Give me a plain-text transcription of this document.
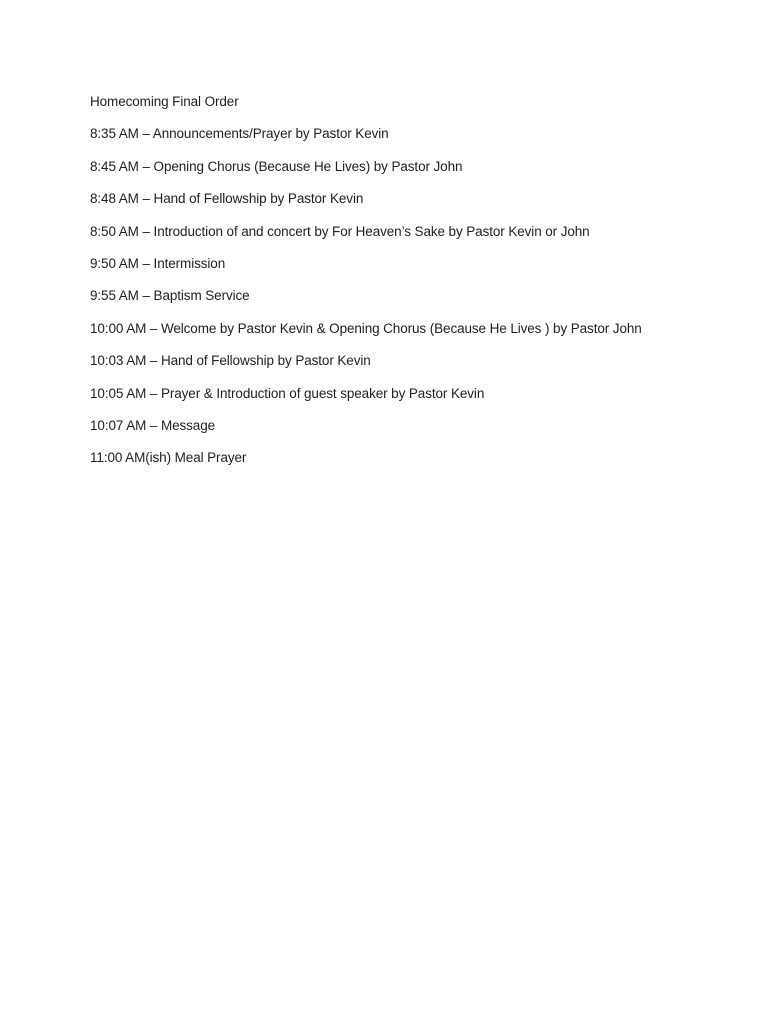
Homecoming Final Order
8:35 AM – Announcements/Prayer by Pastor Kevin
8:45 AM – Opening Chorus (Because He Lives) by Pastor John
8:48 AM – Hand of Fellowship by Pastor Kevin
8:50 AM – Introduction of and concert by For Heaven’s Sake by Pastor Kevin or John
9:50 AM – Intermission
9:55 AM – Baptism Service
10:00 AM – Welcome by Pastor Kevin & Opening Chorus (Because He Lives ) by Pastor John
10:03 AM – Hand of Fellowship by Pastor Kevin
10:05 AM – Prayer & Introduction of guest speaker by Pastor Kevin
10:07 AM – Message
11:00 AM(ish) Meal Prayer
